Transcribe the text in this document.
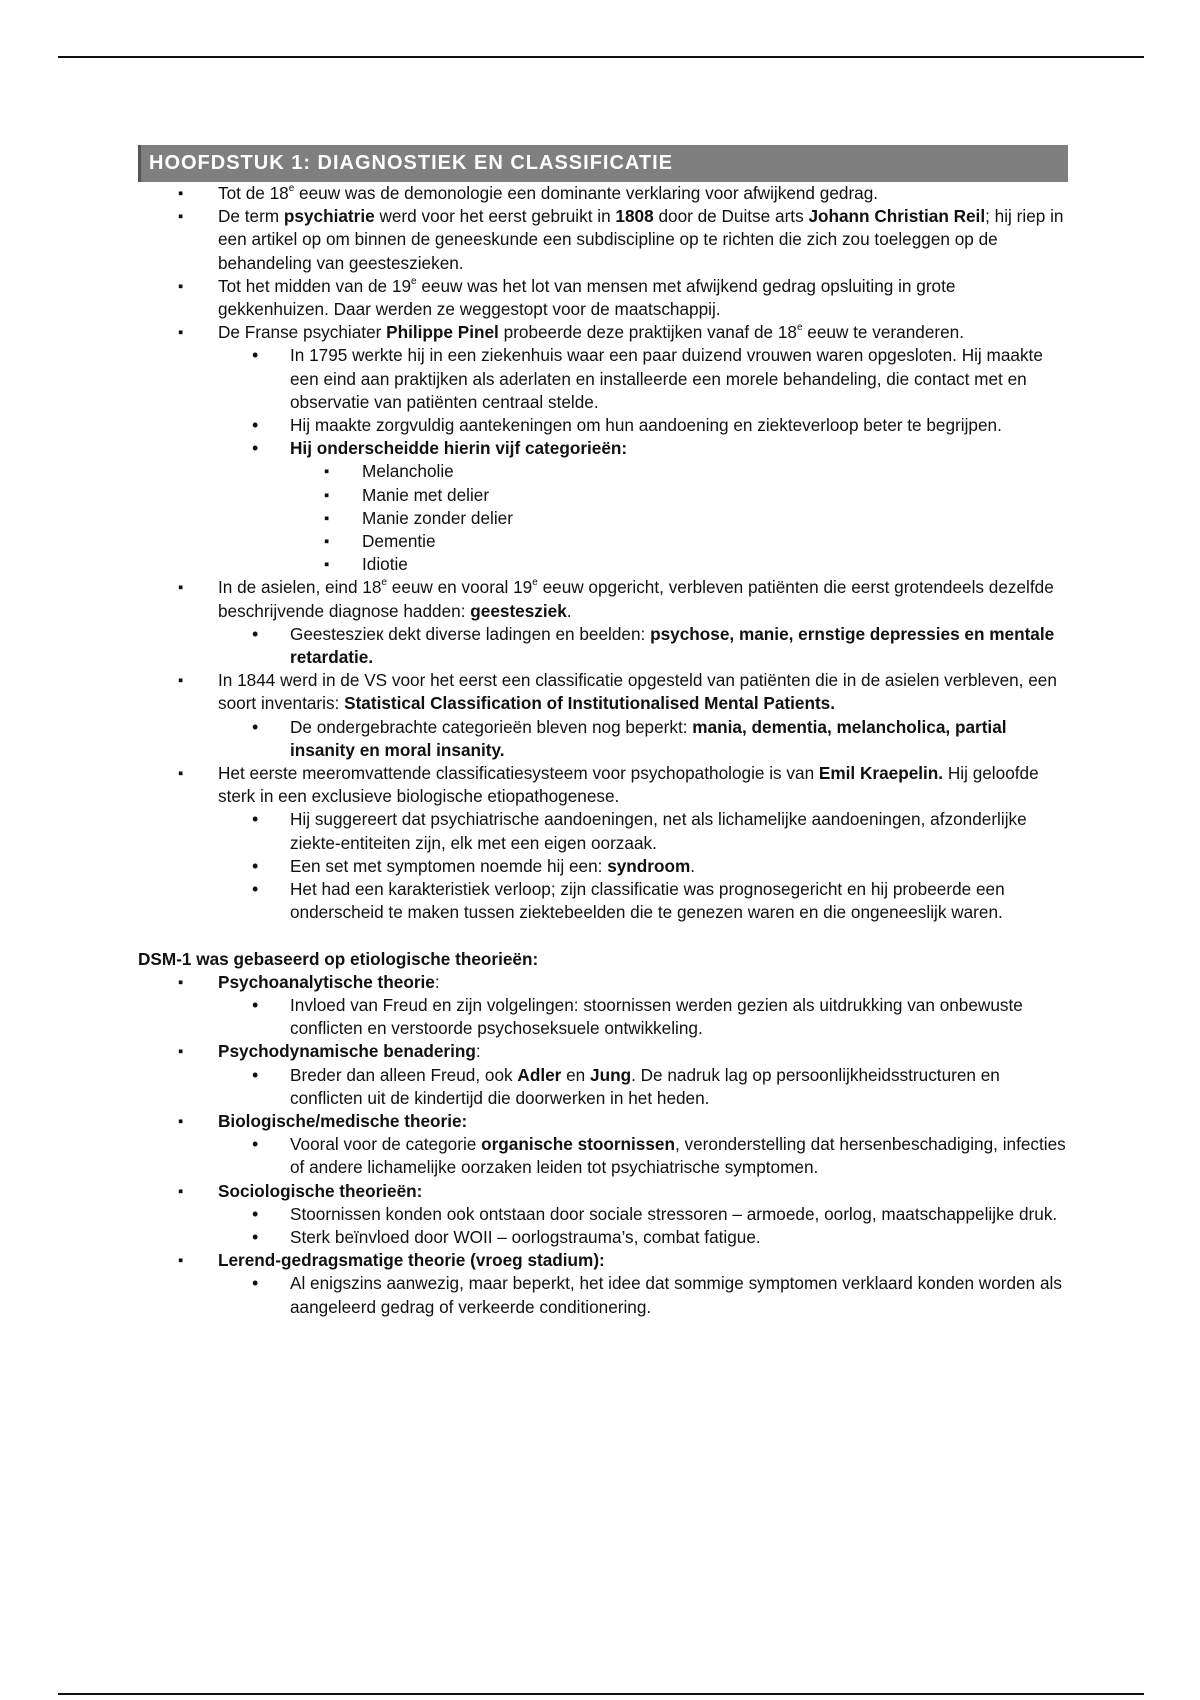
HOOFDSTUK 1: DIAGNOSTIEK EN CLASSIFICATIE
▪ Tot de 18e eeuw was de demonologie een dominante verklaring voor afwijkend gedrag.
▪ De term psychiatrie werd voor het eerst gebruikt in 1808 door de Duitse arts Johann Christian Reil; hij riep in een artikel op om binnen de geneeskunde een subdiscipline op te richten die zich zou toeleggen op de behandeling van geesteszieken.
▪ Tot het midden van de 19e eeuw was het lot van mensen met afwijkend gedrag opsluiting in grote gekkenhuizen. Daar werden ze weggestopt voor de maatschappij.
▪ De Franse psychiater Philippe Pinel probeerde deze praktijken vanaf de 18e eeuw te veranderen.
• In 1795 werkte hij in een ziekenhuis waar een paar duizend vrouwen waren opgesloten. Hij maakte een eind aan praktijken als aderlaten en installeerde een morele behandeling, die contact met en observatie van patiënten centraal stelde.
• Hij maakte zorgvuldig aantekeningen om hun aandoening en ziekteverloop beter te begrijpen.
• Hij onderscheidde hierin vijf categorieën:
▪ Melancholie
▪ Manie met delier
▪ Manie zonder delier
▪ Dementie
▪ Idiotie
▪ In de asielen, eind 18e eeuw en vooral 19e eeuw opgericht, verbleven patiënten die eerst grotendeels dezelfde beschrijvende diagnose hadden: geestesziek.
• Geesteszieк dekt diverse ladingen en beelden: psychose, manie, ernstige depressies en mentale retardatie.
▪ In 1844 werd in de VS voor het eerst een classificatie opgesteld van patiënten die in de asielen verbleven, een soort inventaris: Statistical Classification of Institutionalised Mental Patients.
• De ondergebrachte categorieën bleven nog beperkt: mania, dementia, melancholica, partial insanity en moral insanity.
▪ Het eerste meeromvattende classificatiesysteem voor psychopathologie is van Emil Kraepelin. Hij geloofde sterk in een exclusieve biologische etiopathogenese.
• Hij suggereert dat psychiatrische aandoeningen, net als lichamelijke aandoeningen, afzonderlijke ziekte-entiteiten zijn, elk met een eigen oorzaak.
• Een set met symptomen noemde hij een: syndroom.
• Het had een karakteristiek verloop; zijn classificatie was prognosegericht en hij probeerde een onderscheid te maken tussen ziektebeelden die te genezen waren en die ongeneeslijk waren.
DSM-1 was gebaseerd op etiologische theorieën:
▪ Psychoanalytische theorie:
• Invloed van Freud en zijn volgelingen: stoornissen werden gezien als uitdrukking van onbewuste conflicten en verstoorde psychoseksuele ontwikkeling.
▪ Psychodynamische benadering:
• Breder dan alleen Freud, ook Adler en Jung. De nadruk lag op persoonlijkheidsstructuren en conflicten uit de kindertijd die doorwerken in het heden.
▪ Biologische/medische theorie:
• Vooral voor de categorie organische stoornissen, veronderstelling dat hersenbeschadiging, infecties of andere lichamelijke oorzaken leiden tot psychiatrische symptomen.
▪ Sociologische theorieën:
• Stoornissen konden ook ontstaan door sociale stressoren – armoede, oorlog, maatschappelijke druk.
• Sterk beïnvloed door WOII – oorlogstrauma’s, combat fatigue.
▪ Lerend-gedragsmatige theorie (vroeg stadium):
• Al enigszins aanwezig, maar beperkt, het idee dat sommige symptomen verklaard konden worden als aangeleerd gedrag of verkeerde conditionering.
